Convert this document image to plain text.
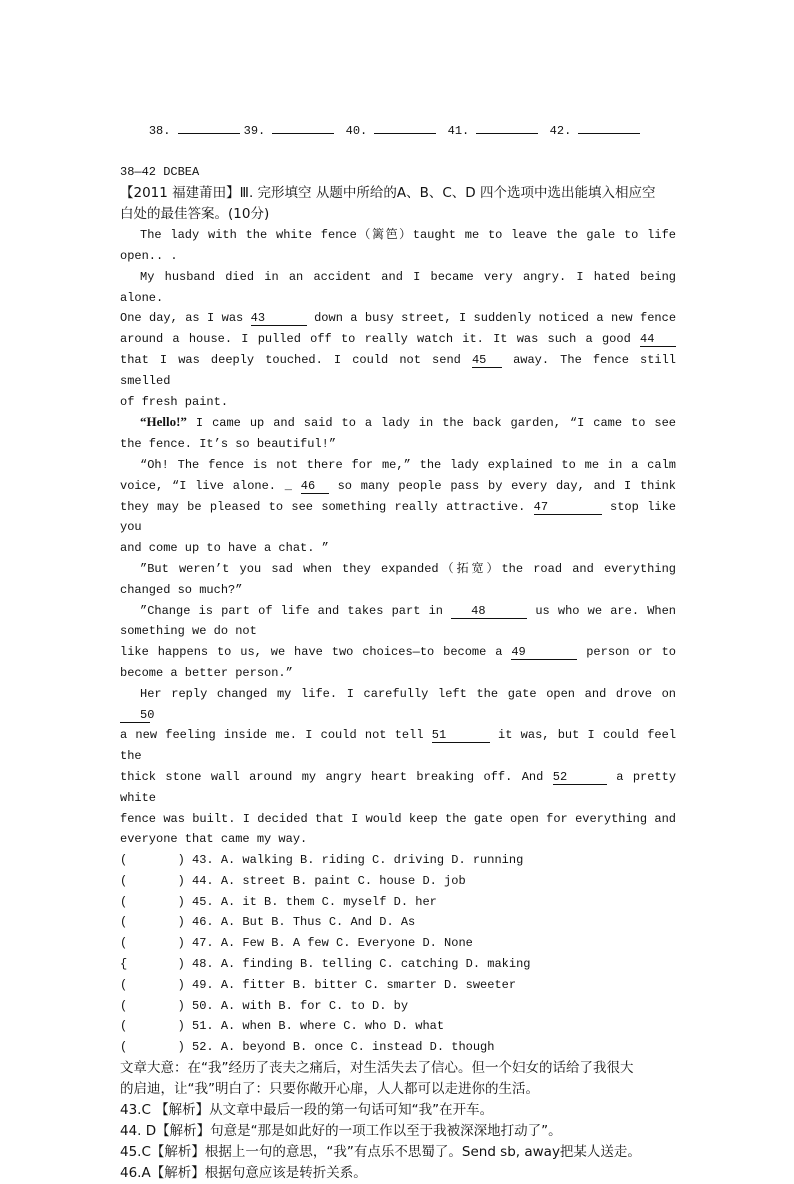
38.	39.	40.	41.	42.

38—42 DCBEA
【2011 福建莆田】Ⅲ. 完形填空 从题中所给的A、B、C、D 四个选项中选出能填入相应空
白处的最佳答案。(10分)
The lady with the white fence（篱笆）taught me to leave the gale to life
open.. .
My husband died in an accident and I became very angry. I hated being alone.
One day, as I was 43	down a busy street, I suddenly noticed a new fence
around a house. I pulled off to really watch it. It was such a good 44
that I was deeply touched. I could not send 45 away. The fence still smelled
of fresh paint.
“Hello!” I came up and said to a lady in the back garden, “I came to see
the fence. It’s so beautiful!”
“Oh! The fence is not there for me,” the lady explained to me in a calm
voice, “I live alone. _ 46 so many people pass by every day, and I think
they may be pleased to see something really attractive. 47	stop like you
and come up to have a chat. ”
”But weren’t you sad when they expanded（拓宽）the road and everything
changed so much?”
”Change is part of life and takes part in 48	us who we are. When
something we do not
like happens to us, we have two choices—to become a 49	person or to
become a better person.”
Her reply changed my life. I carefully left the gate open and drove on 50
a new feeling inside me. I could not tell 51	it was, but I could feel the
thick stone wall around my angry heart breaking off. And 52	a pretty white
fence was built. I decided that I would keep the gate open for everything and
everyone that came my way.
(       ) 43. A. walking B. riding C. driving D. running
(       ) 44. A. street B. paint C. house D. job
(       ) 45. A. it B. them C. myself D. her
(       ) 46. A. But B. Thus C. And D. As
(       ) 47. A. Few B. A few C. Everyone D. None
{       ) 48. A. finding B. telling C. catching D. making
(       ) 49. A. fitter B. bitter C. smarter D. sweeter
(       ) 50. A. with B. for C. to D. by
(       ) 51. A. when B. where C. who D. what
(       ) 52. A. beyond B. once C. instead D. though
文章大意：在“我”经历了丧夫之痛后，对生活失去了信心。但一个妇女的话给了我很大
的启迪，让“我”明白了：只要你敞开心扉，人人都可以走进你的生活。
43.C 【解析】从文章中最后一段的第一句话可知“我”在开车。
44. D【解析】句意是“那是如此好的一项工作以至于我被深深地打动了”。
45.C【解析】根据上一句的意思，“我”有点乐不思蜀了。Send sb, away把某人送走。
46.A【解析】根据句意应该是转折关系。
